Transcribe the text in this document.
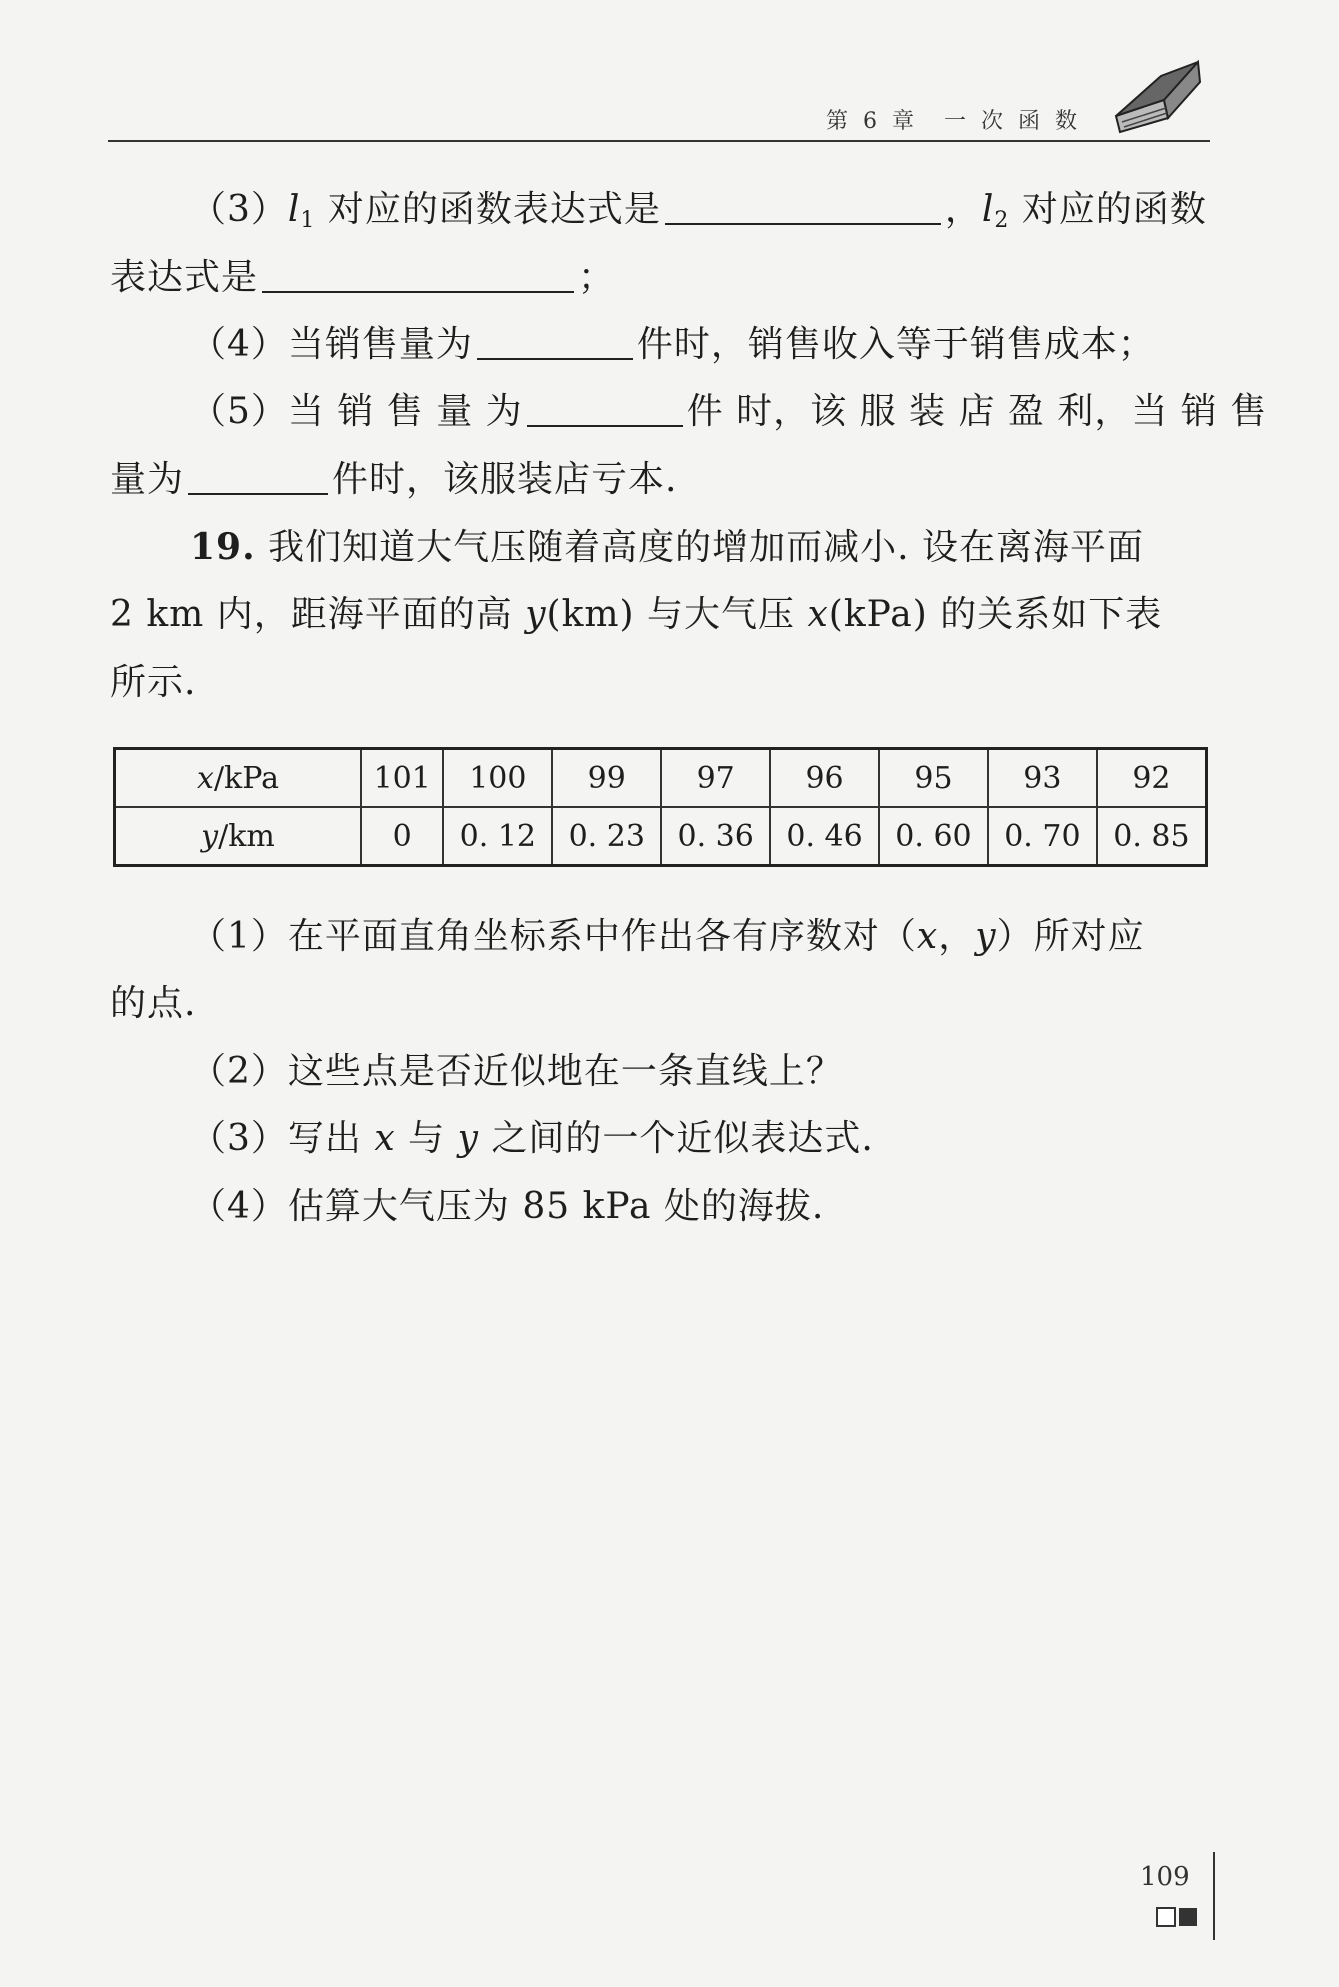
第 6 章 一 次 函 数
$(3)l_1$ 对应的函数表达式是	，$l_2$ 对应的函数
表达式是	；
（4）当销售量为	件时，销售收入等于销售成本；
（5）当 销 售 量 为	件 时，该 服 装 店 盈 利，当 销 售
量为	件时，该服装店亏本.
19. 我们知道大气压随着高度的增加而减小. 设在离海平面
2 km 内，距海平面的高 y(km) 与大气压 x(kPa) 的关系如下表
所示.
x/kPa	101	100	99	97	96	95	93	92
y/km	0	0. 12	0. 23	0. 36	0. 46	0. 60	0. 70	0. 85
（1）在平面直角坐标系中作出各有序数对（x，y）所对应
的点.
（2）这些点是否近似地在一条直线上？
（3）写出 x 与 y 之间的一个近似表达式.
（4）估算大气压为 85 kPa 处的海拔.
109
